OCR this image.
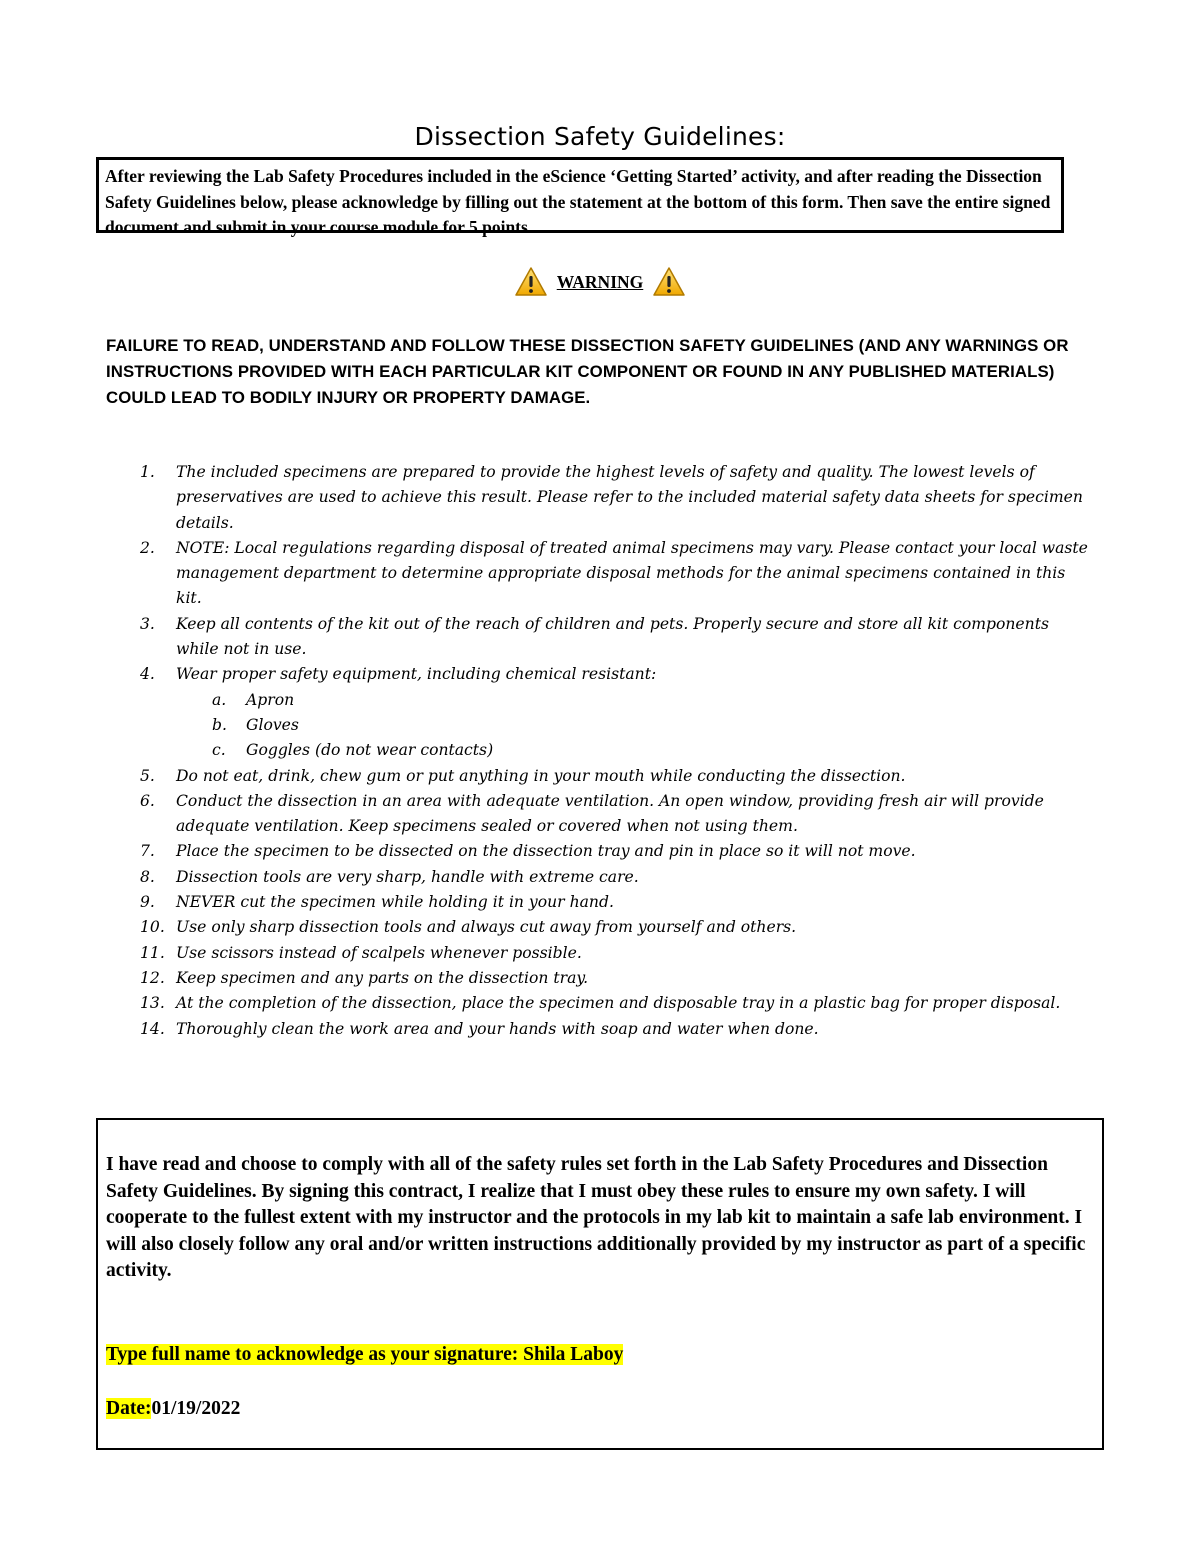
Dissection Safety Guidelines:
After reviewing the Lab Safety Procedures included in the eScience ‘Getting Started’ activity, and after reading the Dissection Safety Guidelines below, please acknowledge by filling out the statement at the bottom of this form. Then save the entire signed document and submit in your course module for 5 points.
WARNING
FAILURE TO READ, UNDERSTAND AND FOLLOW THESE DISSECTION SAFETY GUIDELINES (AND ANY WARNINGS OR INSTRUCTIONS PROVIDED WITH EACH PARTICULAR KIT COMPONENT OR FOUND IN ANY PUBLISHED MATERIALS) COULD LEAD TO BODILY INJURY OR PROPERTY DAMAGE.
1. The included specimens are prepared to provide the highest levels of safety and quality. The lowest levels of preservatives are used to achieve this result. Please refer to the included material safety data sheets for specimen details.
2. NOTE: Local regulations regarding disposal of treated animal specimens may vary. Please contact your local waste management department to determine appropriate disposal methods for the animal specimens contained in this kit.
3. Keep all contents of the kit out of the reach of children and pets. Properly secure and store all kit components while not in use.
4. Wear proper safety equipment, including chemical resistant:
a. Apron
b. Gloves
c. Goggles (do not wear contacts)
5. Do not eat, drink, chew gum or put anything in your mouth while conducting the dissection.
6. Conduct the dissection in an area with adequate ventilation. An open window, providing fresh air will provide adequate ventilation. Keep specimens sealed or covered when not using them.
7. Place the specimen to be dissected on the dissection tray and pin in place so it will not move.
8. Dissection tools are very sharp, handle with extreme care.
9. NEVER cut the specimen while holding it in your hand.
10. Use only sharp dissection tools and always cut away from yourself and others.
11. Use scissors instead of scalpels whenever possible.
12. Keep specimen and any parts on the dissection tray.
13. At the completion of the dissection, place the specimen and disposable tray in a plastic bag for proper disposal.
14. Thoroughly clean the work area and your hands with soap and water when done.
I have read and choose to comply with all of the safety rules set forth in the Lab Safety Procedures and Dissection Safety Guidelines. By signing this contract, I realize that I must obey these rules to ensure my own safety. I will cooperate to the fullest extent with my instructor and the protocols in my lab kit to maintain a safe lab environment. I will also closely follow any oral and/or written instructions additionally provided by my instructor as part of a specific activity.
Type full name to acknowledge as your signature: Shila Laboy
Date:01/19/2022
